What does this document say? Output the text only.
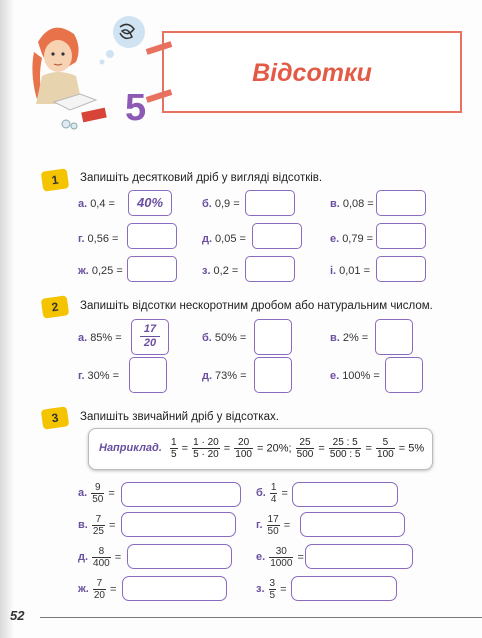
5
Відсотки
1	Запишіть десятковий дріб у вигляді відсотків.
а. 0,4 =	40%	б. 0,9 =	в. 0,08 =
г. 0,56 =	д. 0,05 =	е. 0,79 =
ж. 0,25 =	з. 0,2 =	і. 0,01 =
2	Запишіть відсотки нескоротним дробом або натуральним числом.
а. $85\% = \frac{17}{20}$	б. 50% =	в. 2% =
г. 30% =	д. 73% =	е. 100% =
3	Запишіть звичайний дріб у відсотках.
Наприклад. $\frac{1}{5} = \frac{1 \cdot 20}{5 \cdot 20} = \frac{20}{100} = 20\%$; $\frac{25}{500} = \frac{25 : 5}{500 : 5} = \frac{5}{100} = 5\%$
а. $\frac{9}{50}$ =	б. $\frac{1}{4}$ =
в. $\frac{7}{25}$ =	г. $\frac{17}{50}$ =
д. $\frac{8}{400}$ =	е. $\frac{30}{1000}$ =
ж. $\frac{7}{20}$ =	з. $\frac{3}{5}$ =
52
